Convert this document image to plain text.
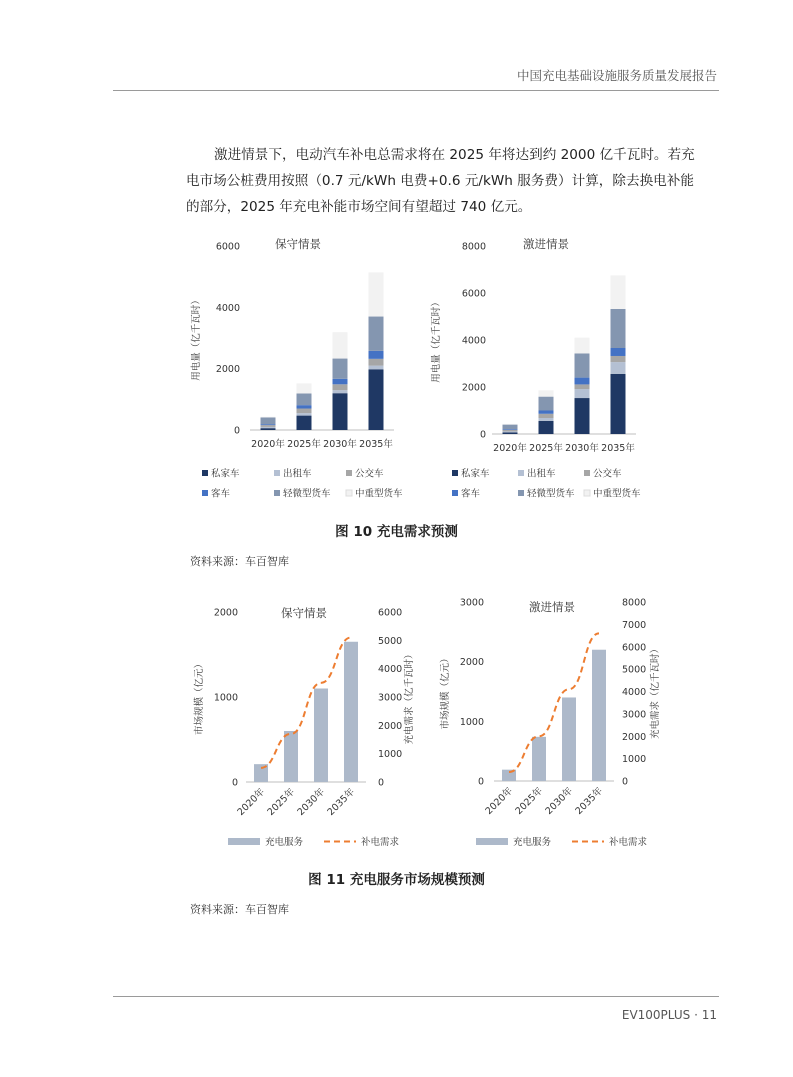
中国充电基础设施服务质量发展报告

激进情景下，电动汽车补电总需求将在 2025 年将达到约 2000 亿千瓦时。若充电市场公桩费用按照（0.7 元/kWh 电费+0.6 元/kWh 服务费）计算，除去换电补能的部分，2025 年充电补能市场空间有望超过 740 亿元。

保守情景
用电量（亿千瓦时）
0
2000
4000
6000
2020年 2025年 2030年 2035年
私家车	出租车	公交车
客车	轻微型货车	中重型货车
激进情景
用电量（亿千瓦时）
0
2000
4000
6000
8000
2020年 2025年 2030年 2035年
私家车	出租车	公交车
客车	轻微型货车 中重型货车
图 10 充电需求预测
资料来源：车百智库
保守情景
市场规模（亿元）	充电需求（亿千瓦时）
0
1000
2000
0
1000
2000
3000
4000
5000
6000
2020年
2025年
2030年
2035年
充电服务	补电需求
激进情景
市场规模（亿元）	充电需求（亿千瓦时）
0
1000
2000
3000
0
1000
2000
3000
4000
5000
6000
7000
8000
2020年
2025年
2030年
2035年
充电服务	补电需求
图 11 充电服务市场规模预测
资料来源：车百智库
EV100PLUS · 11
